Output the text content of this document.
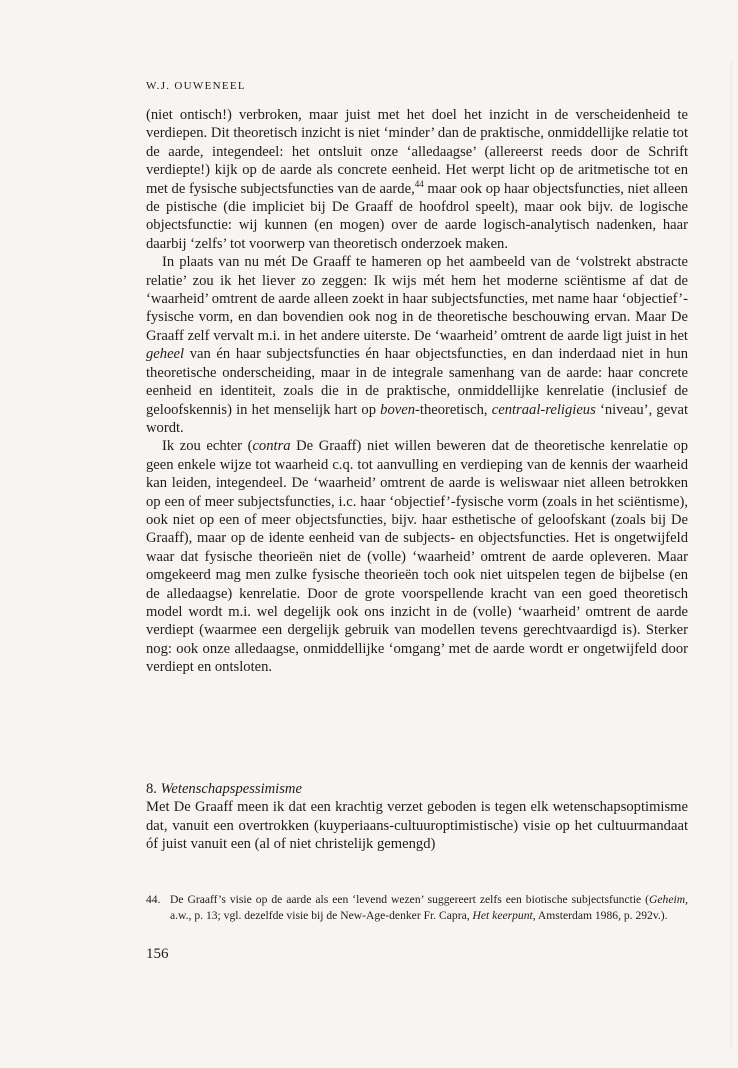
W.J. OUWENEEL

(niet ontisch!) verbroken, maar juist met het doel het inzicht in de verscheidenheid te verdiepen. Dit theoretisch inzicht is niet ‘minder’ dan de praktische, onmiddellijke relatie tot de aarde, integendeel: het ontsluit onze ‘alledaagse’ (allereerst reeds door de Schrift verdiepte!) kijk op de aarde als concrete eenheid. Het werpt licht op de aritmetische tot en met de fysische subjectsfuncties van de aarde,$^{44}$ maar ook op haar objectsfuncties, niet alleen de pistische (die impliciet bij De Graaff de hoofdrol speelt), maar ook bijv. de logische objectsfunctie: wij kunnen (en mogen) over de aarde logisch-analytisch nadenken, haar daarbij ‘zelfs’ tot voorwerp van theoretisch onderzoek maken.

In plaats van nu mét De Graaff te hameren op het aambeeld van de ‘volstrekt abstracte relatie’ zou ik het liever zo zeggen: Ik wijs mét hem het moderne sciëntisme af dat de ‘waarheid’ omtrent de aarde alleen zoekt in haar subjectsfuncties, met name haar ‘objectief’-fysische vorm, en dan bovendien ook nog in de theoretische beschouwing ervan. Maar De Graaff zelf vervalt m.i. in het andere uiterste. De ‘waarheid’ omtrent de aarde ligt juist in het geheel van én haar subjectsfuncties én haar objectsfuncties, en dan inderdaad niet in hun theoretische onderscheiding, maar in de integrale samenhang van de aarde: haar concrete eenheid en identiteit, zoals die in de praktische, onmiddellijke kenrelatie (inclusief de geloofskennis) in het menselijk hart op boven-theoretisch, centraal-religieus ‘niveau’, gevat wordt.

Ik zou echter (contra De Graaff) niet willen beweren dat de theoretische kenrelatie op geen enkele wijze tot waarheid c.q. tot aanvulling en verdieping van de kennis der waarheid kan leiden, integendeel. De ‘waarheid’ omtrent de aarde is weliswaar niet alleen betrokken op een of meer subjectsfuncties, i.c. haar ‘objectief’-fysische vorm (zoals in het sciëntisme), ook niet op een of meer objectsfuncties, bijv. haar esthetische of geloofskant (zoals bij De Graaff), maar op de idente eenheid van de subjects- en objectsfuncties. Het is ongetwijfeld waar dat fysische theorieën niet de (volle) ‘waarheid’ omtrent de aarde opleveren. Maar omgekeerd mag men zulke fysische theorieën toch ook niet uitspelen tegen de bijbelse (en de alledaagse) kenrelatie. Door de grote voorspellende kracht van een goed theoretisch model wordt m.i. wel degelijk ook ons inzicht in de (volle) ‘waarheid’ omtrent de aarde verdiept (waarmee een dergelijk gebruik van modellen tevens gerechtvaardigd is). Sterker nog: ook onze alledaagse, onmiddellijke ‘omgang’ met de aarde wordt er ongetwijfeld door verdiept en ontsloten.

8. Wetenschapspessimisme

Met De Graaff meen ik dat een krachtig verzet geboden is tegen elk wetenschapsoptimisme dat, vanuit een overtrokken (kuyperiaans-cultuuroptimistische) visie op het cultuurmandaat óf juist vanuit een (al of niet christelijk gemengd)

44. De Graaff’s visie op de aarde als een ‘levend wezen’ suggereert zelfs een biotische subjectsfunctie (Geheim, a.w., p. 13; vgl. dezelfde visie bij de New-Age-denker Fr. Capra, Het keerpunt, Amsterdam 1986, p. 292v.).
156
